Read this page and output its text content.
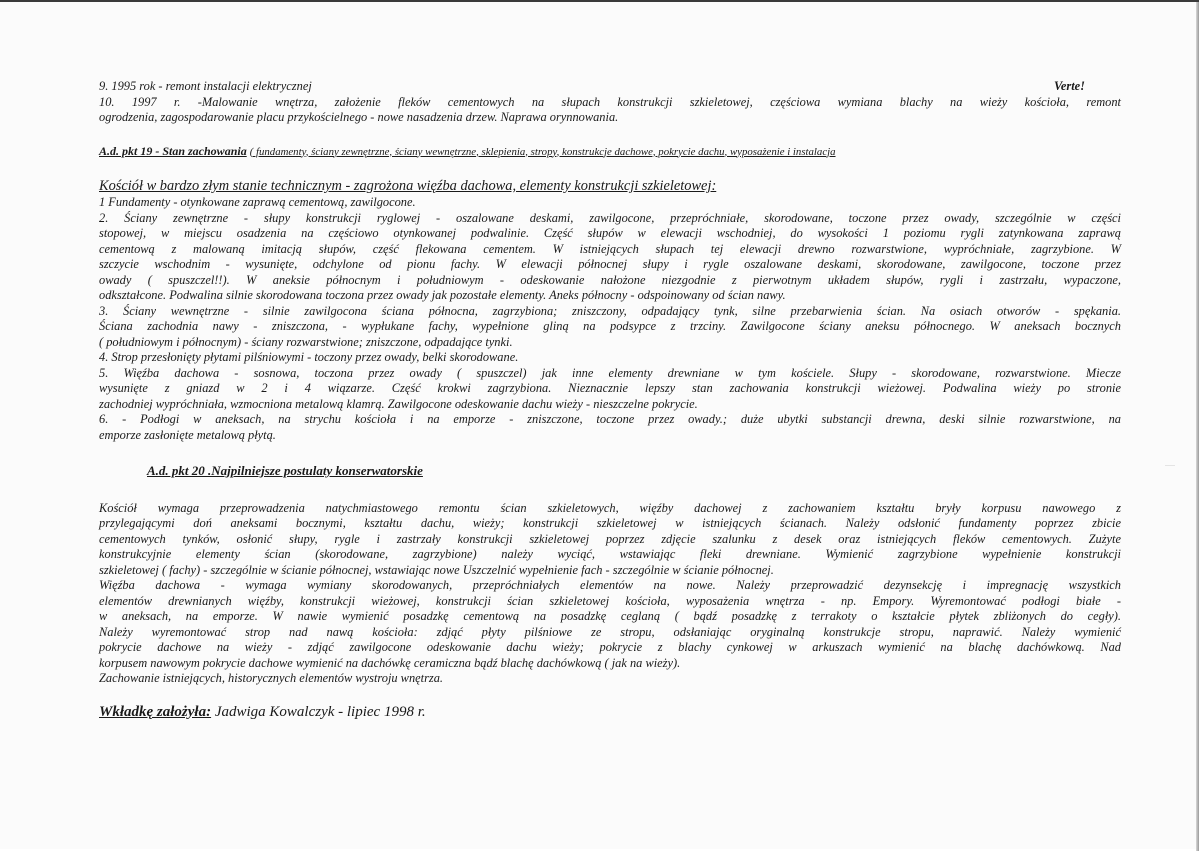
9. 1995 rok - remont instalacji elektrycznej	Verte!
10. 1997 r. -Malowanie wnętrza, założenie fleków cementowych na słupach konstrukcji szkieletowej, częściowa wymiana blachy na wieży kościoła, remont
ogrodzenia, zagospodarowanie placu przykościelnego - nowe nasadzenia drzew. Naprawa orynnowania.
A.d. pkt 19 - Stan zachowania ( fundamenty, ściany zewnętrzne, ściany wewnętrzne, sklepienia, stropy, konstrukcje dachowe, pokrycie dachu, wyposażenie i instalacja
Kościół w bardzo złym stanie technicznym - zagrożona więźba dachowa, elementy konstrukcji szkieletowej:
1 Fundamenty - otynkowane zaprawą cementową, zawilgocone.
2. Ściany zewnętrzne - słupy konstrukcji ryglowej - oszalowane deskami, zawilgocone, przepróchniałe, skorodowane, toczone przez owady, szczególnie w części
stopowej, w miejscu osadzenia na częściowo otynkowanej podwalinie. Część słupów w elewacji wschodniej, do wysokości 1 poziomu rygli zatynkowana zaprawą
cementową z malowaną imitacją słupów, część flekowana cementem. W istniejących słupach tej elewacji drewno rozwarstwione, wypróchniałe, zagrzybione. W
szczycie wschodnim - wysunięte, odchylone od pionu fachy. W elewacji północnej słupy i rygle oszalowane deskami, skorodowane, zawilgocone, toczone przez
owady ( spuszczel!!). W aneksie północnym i południowym - odeskowanie nałożone niezgodnie z pierwotnym układem słupów, rygli i zastrzału, wypaczone,
odkształcone. Podwalina silnie skorodowana toczona przez owady jak pozostałe elementy. Aneks północny - odspoinowany od ścian nawy.
3. Ściany wewnętrzne - silnie zawilgocona ściana północna, zagrzybiona; zniszczony, odpadający tynk, silne przebarwienia ścian. Na osiach otworów - spękania.
Ściana zachodnia nawy - zniszczona, - wypłukane fachy, wypełnione gliną na podsypce z trzciny. Zawilgocone ściany aneksu północnego. W aneksach bocznych
( południowym i północnym) - ściany rozwarstwione; zniszczone, odpadające tynki.
4. Strop przesłonięty płytami pilśniowymi - toczony przez owady, belki skorodowane.
5. Więźba dachowa - sosnowa, toczona przez owady ( spuszczel) jak inne elementy drewniane w tym kościele. Słupy - skorodowane, rozwarstwione. Miecze
wysunięte z gniazd w 2 i 4 wiązarze. Część krokwi zagrzybiona. Nieznacznie lepszy stan zachowania konstrukcji wieżowej. Podwalina wieży po stronie
zachodniej wypróchniała, wzmocniona metalową klamrą. Zawilgocone odeskowanie dachu wieży - nieszczelne pokrycie.
6. - Podłogi w aneksach, na strychu kościoła i na emporze - zniszczone, toczone przez owady.; duże ubytki substancji drewna, deski silnie rozwarstwione, na
emporze zasłonięte metalową płytą.
A.d. pkt 20 .Najpilniejsze postulaty konserwatorskie
Kościół wymaga przeprowadzenia natychmiastowego remontu ścian szkieletowych, więźby dachowej z zachowaniem kształtu bryły korpusu nawowego z
przylegającymi doń aneksami bocznymi, kształtu dachu, wieży; konstrukcji szkieletowej w istniejących ścianach. Należy odsłonić fundamenty poprzez zbicie
cementowych tynków, osłonić słupy, rygle i zastrzały konstrukcji szkieletowej poprzez zdjęcie szalunku z desek oraz istniejących fleków cementowych. Zużyte
konstrukcyjnie elementy ścian (skorodowane, zagrzybione) należy wyciąć, wstawiając fleki drewniane. Wymienić zagrzybione wypełnienie konstrukcji
szkieletowej ( fachy) - szczególnie w ścianie północnej, wstawiając nowe Uszczelnić wypełnienie fach - szczególnie w ścianie północnej.
Więźba dachowa - wymaga wymiany skorodowanych, przepróchniałych elementów na nowe. Należy przeprowadzić dezynsekcję i impregnację wszystkich
elementów drewnianych więźby, konstrukcji wieżowej, konstrukcji ścian szkieletowej kościoła, wyposażenia wnętrza - np. Empory. Wyremontować podłogi białe -
w aneksach, na emporze. W nawie wymienić posadzkę cementową na posadzkę ceglaną ( bądź posadzkę z terrakoty o kształcie płytek zbliżonych do cegły).
Należy wyremontować strop nad nawą kościoła: zdjąć płyty pilśniowe ze stropu, odsłaniając oryginalną konstrukcje stropu, naprawić. Należy wymienić
pokrycie dachowe na wieży - zdjąć zawilgocone odeskowanie dachu wieży; pokrycie z blachy cynkowej w arkuszach wymienić na blachę dachówkową. Nad
korpusem nawowym pokrycie dachowe wymienić na dachówkę ceramiczna bądź blachę dachówkową ( jak na wieży).
Zachowanie istniejących, historycznych elementów wystroju wnętrza.
Wkładkę założyła: Jadwiga Kowalczyk - lipiec 1998 r.
